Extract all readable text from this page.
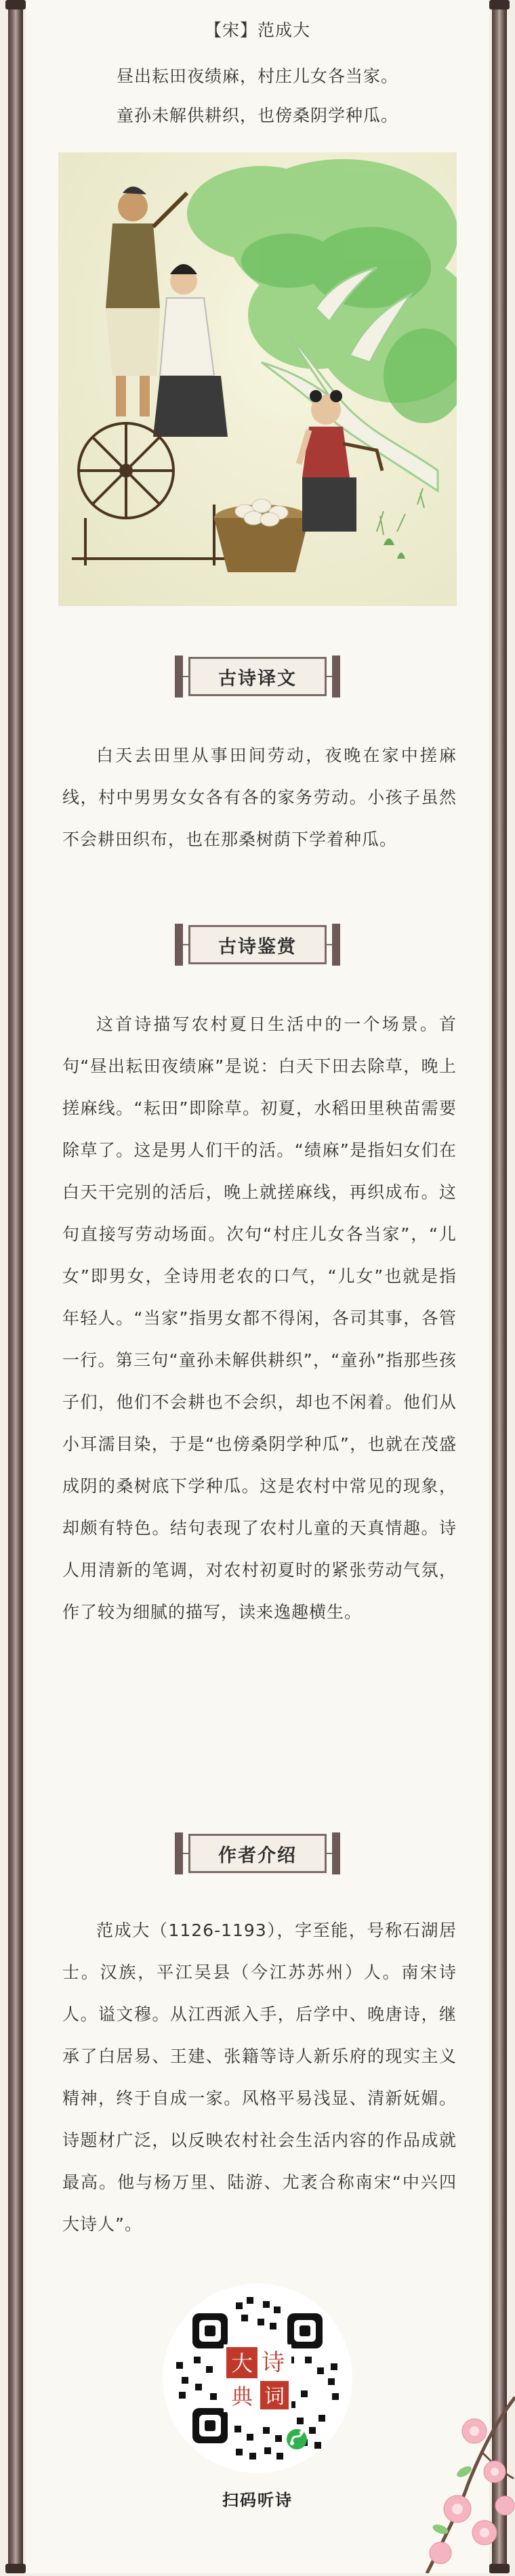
【宋】范成大
昼出耘田夜绩麻，村庄儿女各当家。
童孙未解供耕织，也傍桑阴学种瓜。
古诗译文

白天去田里从事田间劳动，夜晚在家中搓麻线，村中男男女女各有各的家务劳动。小孩子虽然不会耕田织布，也在那桑树荫下学着种瓜。

古诗鉴赏

这首诗描写农村夏日生活中的一个场景。首句“昼出耘田夜绩麻”是说：白天下田去除草，晚上搓麻线。“耘田”即除草。初夏，水稻田里秧苗需要除草了。这是男人们干的活。“绩麻”是指妇女们在白天干完别的活后，晚上就搓麻线，再织成布。这句直接写劳动场面。次句“村庄儿女各当家”，“儿女”即男女，全诗用老农的口气，“儿女”也就是指年轻人。“当家”指男女都不得闲，各司其事，各管一行。第三句“童孙未解供耕织”，“童孙”指那些孩子们，他们不会耕也不会织，却也不闲着。他们从小耳濡目染，于是“也傍桑阴学种瓜”，也就在茂盛成阴的桑树底下学种瓜。这是农村中常见的现象，却颇有特色。结句表现了农村儿童的天真情趣。诗人用清新的笔调，对农村初夏时的紧张劳动气氛，作了较为细腻的描写，读来逸趣横生。

作者介绍

范成大（1126-1193），字至能，号称石湖居士。汉族，平江吴县（今江苏苏州）人。南宋诗人。谥文穆。从江西派入手，后学中、晚唐诗，继承了白居易、王建、张籍等诗人新乐府的现实主义精神，终于自成一家。风格平易浅显、清新妩媚。诗题材广泛，以反映农村社会生活内容的作品成就最高。他与杨万里、陆游、尤袤合称南宋“中兴四大诗人”。

诗
词
大
典
扫码听诗
